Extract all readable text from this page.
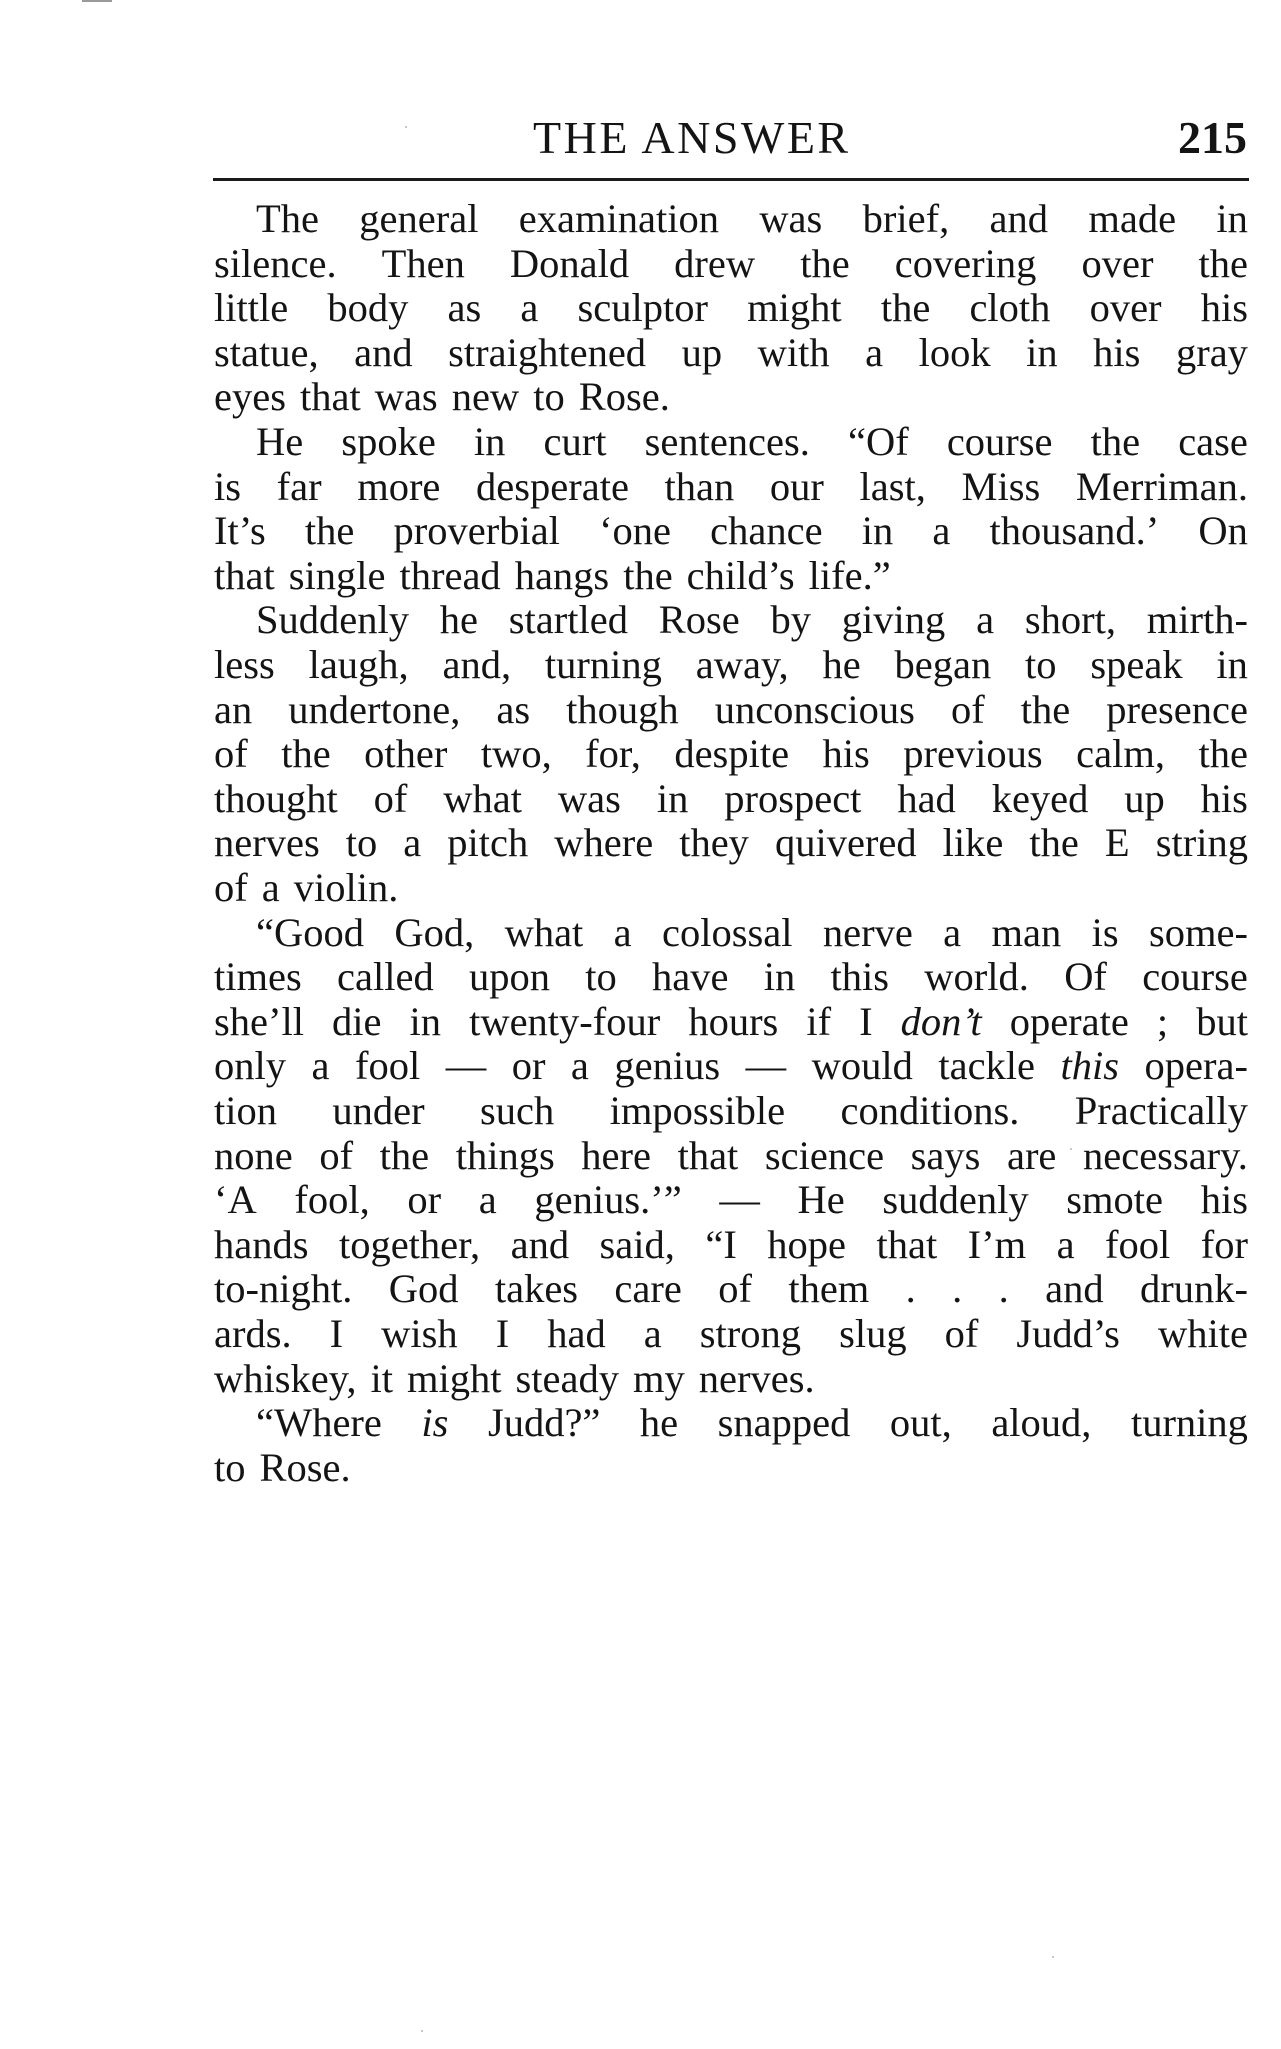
THE ANSWER	215
The general examination was brief, and made in
silence. Then Donald drew the covering over the
little body as a sculptor might the cloth over his
statue, and straightened up with a look in his gray
eyes that was new to Rose.
He spoke in curt sentences. “Of course the case
is far more desperate than our last, Miss Merriman.
It’s the proverbial ‘one chance in a thousand.’ On
that single thread hangs the child’s life.”
Suddenly he startled Rose by giving a short, mirth-
less laugh, and, turning away, he began to speak in
an undertone, as though unconscious of the presence
of the other two, for, despite his previous calm, the
thought of what was in prospect had keyed up his
nerves to a pitch where they quivered like the E string
of a violin.
“Good God, what a colossal nerve a man is some-
times called upon to have in this world. Of course
she’ll die in twenty-four hours if I don’t operate ; but
only a fool — or a genius — would tackle this opera-
tion under such impossible conditions. Practically
none of the things here that science says are necessary.
‘A fool, or a genius.’” — He suddenly smote his
hands together, and said, “I hope that I’m a fool for
to-night. God takes care of them . . . and drunk-
ards. I wish I had a strong slug of Judd’s white
whiskey, it might steady my nerves.
“Where is Judd?” he snapped out, aloud, turning
to Rose.
